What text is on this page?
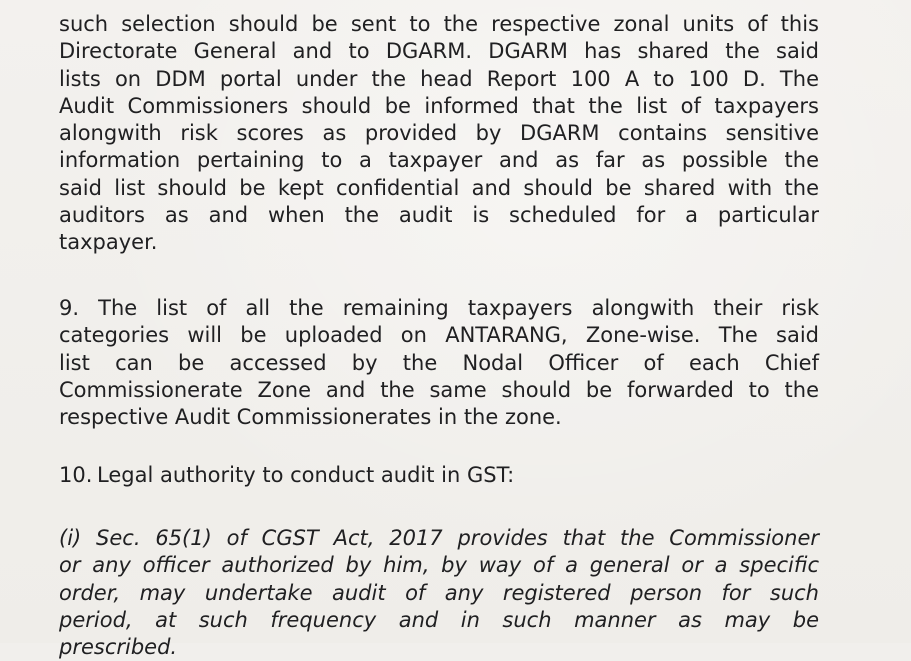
such selection should be sent to the respective zonal units of this
Directorate General and to DGARM. DGARM has shared the said
lists on DDM portal under the head Report 100 A to 100 D. The
Audit Commissioners should be informed that the list of taxpayers
alongwith risk scores as provided by DGARM contains sensitive
information pertaining to a taxpayer and as far as possible the
said list should be kept confidential and should be shared with the
auditors as and when the audit is scheduled for a particular
taxpayer.
9. The list of all the remaining taxpayers alongwith their risk
categories will be uploaded on ANTARANG, Zone-wise. The said
list can be accessed by the Nodal Officer of each Chief
Commissionerate Zone and the same should be forwarded to the
respective Audit Commissionerates in the zone.
10. Legal authority to conduct audit in GST:
(i) Sec. 65(1) of CGST Act, 2017 provides that the Commissioner
or any officer authorized by him, by way of a general or a specific
order, may undertake audit of any registered person for such
period, at such frequency and in such manner as may be
prescribed.
